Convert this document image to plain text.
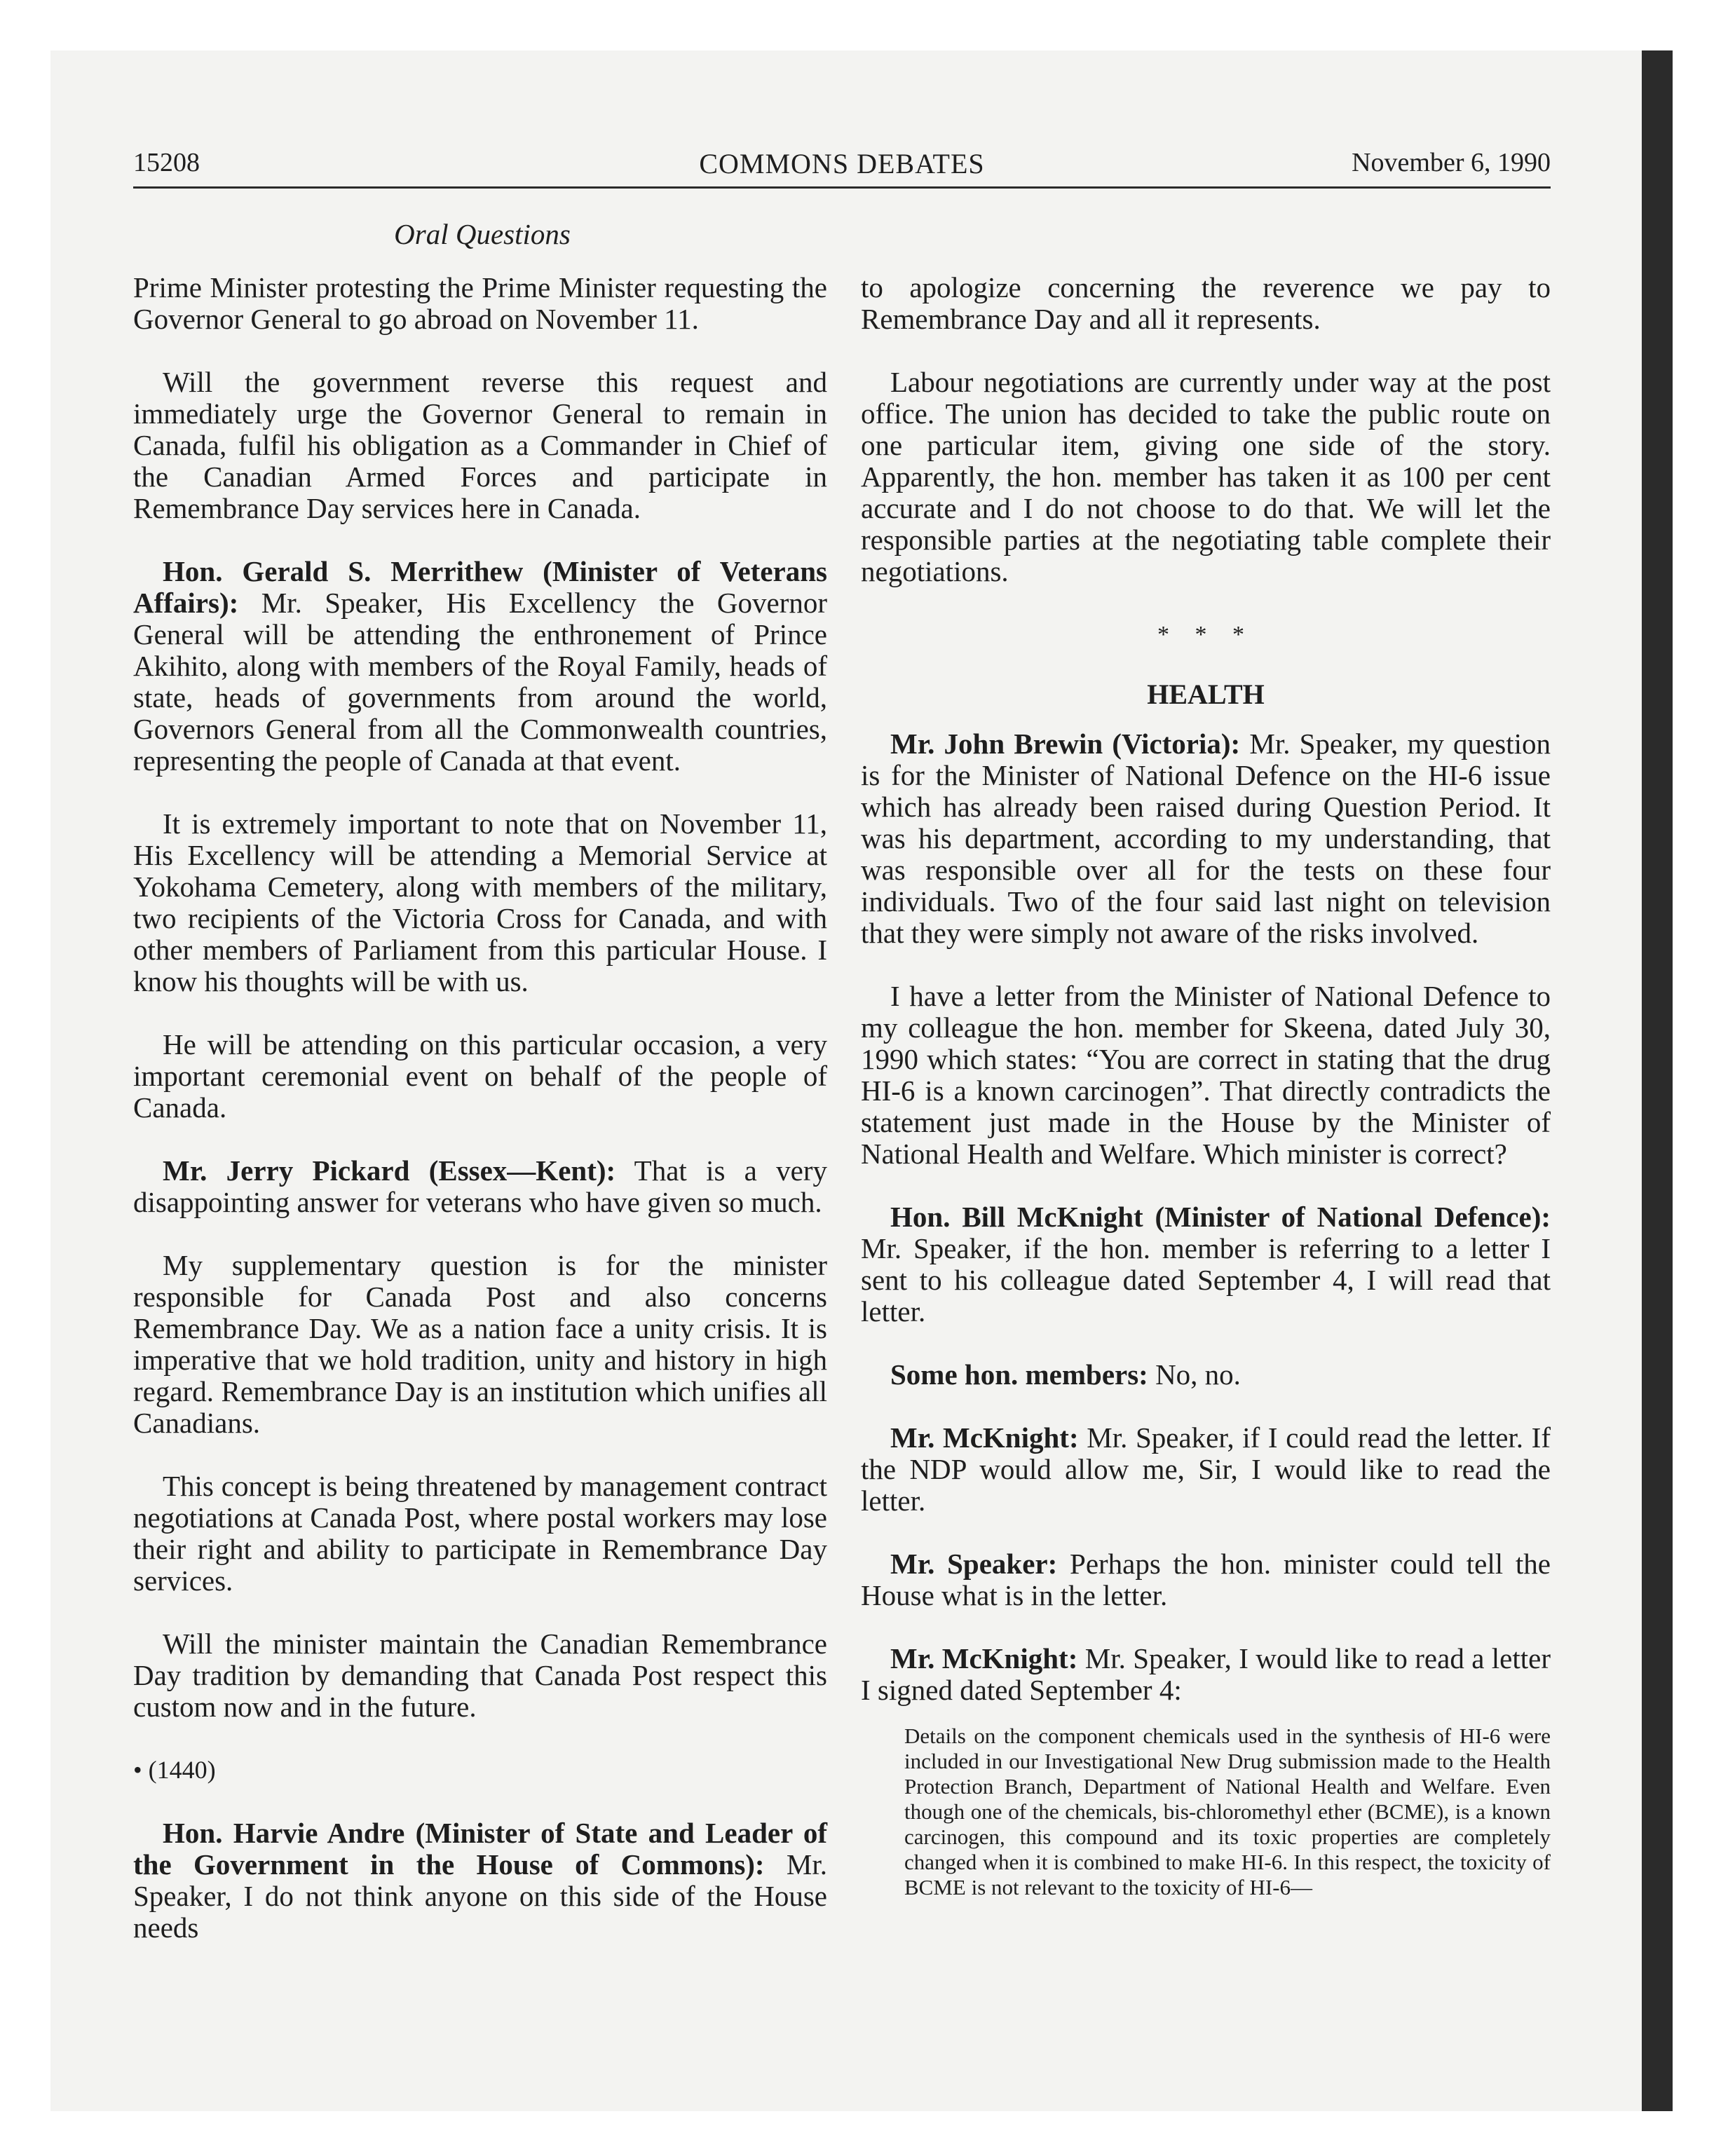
15208	COMMONS DEBATES	November 6, 1990
Oral Questions

Prime Minister protesting the Prime Minister requesting the Governor General to go abroad on November 11.

Will the government reverse this request and immediately urge the Governor General to remain in Canada, fulfil his obligation as a Commander in Chief of the Canadian Armed Forces and participate in Remembrance Day services here in Canada.

Hon. Gerald S. Merrithew (Minister of Veterans Affairs): Mr. Speaker, His Excellency the Governor General will be attending the enthronement of Prince Akihito, along with members of the Royal Family, heads of state, heads of governments from around the world, Governors General from all the Commonwealth countries, representing the people of Canada at that event.

It is extremely important to note that on November 11, His Excellency will be attending a Memorial Service at Yokohama Cemetery, along with members of the military, two recipients of the Victoria Cross for Canada, and with other members of Parliament from this particular House. I know his thoughts will be with us.

He will be attending on this particular occasion, a very important ceremonial event on behalf of the people of Canada.

Mr. Jerry Pickard (Essex—Kent): That is a very disappointing answer for veterans who have given so much.

My supplementary question is for the minister responsible for Canada Post and also concerns Remembrance Day. We as a nation face a unity crisis. It is imperative that we hold tradition, unity and history in high regard. Remembrance Day is an institution which unifies all Canadians.

This concept is being threatened by management contract negotiations at Canada Post, where postal workers may lose their right and ability to participate in Remembrance Day services.

Will the minister maintain the Canadian Remembrance Day tradition by demanding that Canada Post respect this custom now and in the future.

• (1440)

Hon. Harvie Andre (Minister of State and Leader of the Government in the House of Commons): Mr. Speaker, I do not think anyone on this side of the House needs

to apologize concerning the reverence we pay to Remembrance Day and all it represents.

Labour negotiations are currently under way at the post office. The union has decided to take the public route on one particular item, giving one side of the story. Apparently, the hon. member has taken it as 100 per cent accurate and I do not choose to do that. We will let the responsible parties at the negotiating table complete their negotiations.

* * *

HEALTH

Mr. John Brewin (Victoria): Mr. Speaker, my question is for the Minister of National Defence on the HI-6 issue which has already been raised during Question Period. It was his department, according to my understanding, that was responsible over all for the tests on these four individuals. Two of the four said last night on television that they were simply not aware of the risks involved.

I have a letter from the Minister of National Defence to my colleague the hon. member for Skeena, dated July 30, 1990 which states: “You are correct in stating that the drug HI-6 is a known carcinogen”. That directly contradicts the statement just made in the House by the Minister of National Health and Welfare. Which minister is correct?

Hon. Bill McKnight (Minister of National Defence): Mr. Speaker, if the hon. member is referring to a letter I sent to his colleague dated September 4, I will read that letter.

Some hon. members: No, no.

Mr. McKnight: Mr. Speaker, if I could read the letter. If the NDP would allow me, Sir, I would like to read the letter.

Mr. Speaker: Perhaps the hon. minister could tell the House what is in the letter.

Mr. McKnight: Mr. Speaker, I would like to read a letter I signed dated September 4:

Details on the component chemicals used in the synthesis of HI-6 were included in our Investigational New Drug submission made to the Health Protection Branch, Department of National Health and Welfare. Even though one of the chemicals, bis-chloromethyl ether (BCME), is a known carcinogen, this compound and its toxic properties are completely changed when it is combined to make HI-6. In this respect, the toxicity of BCME is not relevant to the toxicity of HI-6—
